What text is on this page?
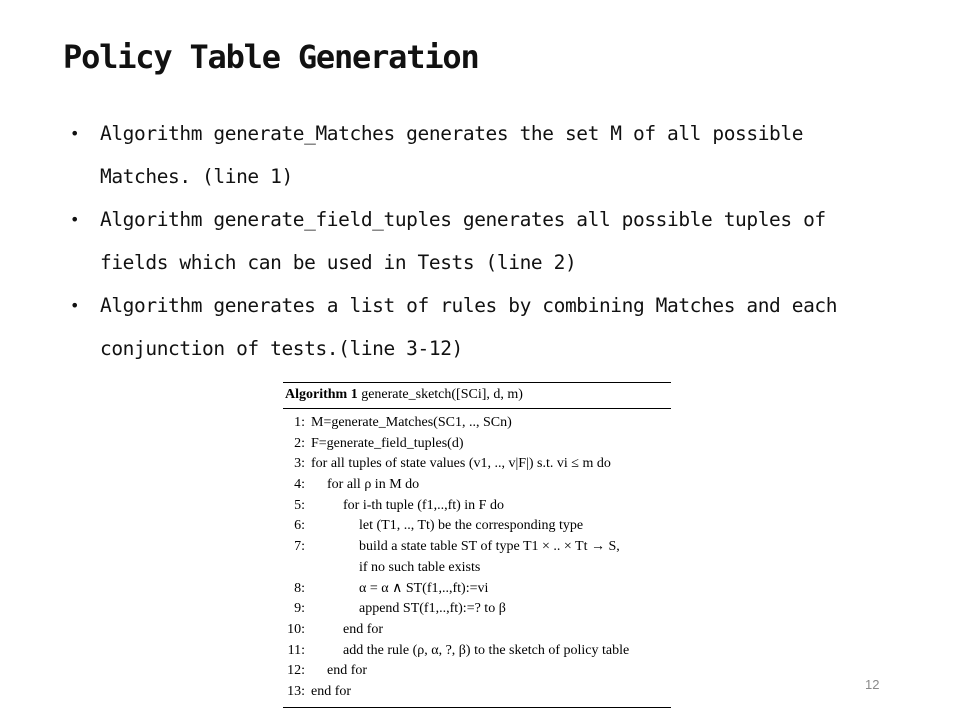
Policy Table Generation
• Algorithm generate_Matches generates the set M of all possible Matches. (line 1)
• Algorithm generate_field_tuples generates all possible tuples of fields which can be used in Tests (line 2)
• Algorithm generates a list of rules by combining Matches and each conjunction of tests.(line 3-12)
Algorithm 1 generate_sketch([SCi], d, m)
1: M=generate_Matches(SC1, .., SCn)
2: F=generate_field_tuples(d)
3: for all tuples of state values (v1, .., v|F|) s.t. vi ≤ m do
4: for all ρ in M do
5:	for i-th tuple (f1,..,ft) in F do
6:	let (T1, .., Tt) be the corresponding type
7:	build a state table ST of type T1 × .. × Tt → S,
if no such table exists
8:	α = α ∧ ST(f1,..,ft):=vi
9:	append ST(f1,..,ft):=? to β
10:	end for
11:	add the rule (ρ, α, ?, β) to the sketch of policy table
12: end for
13: end for	12
